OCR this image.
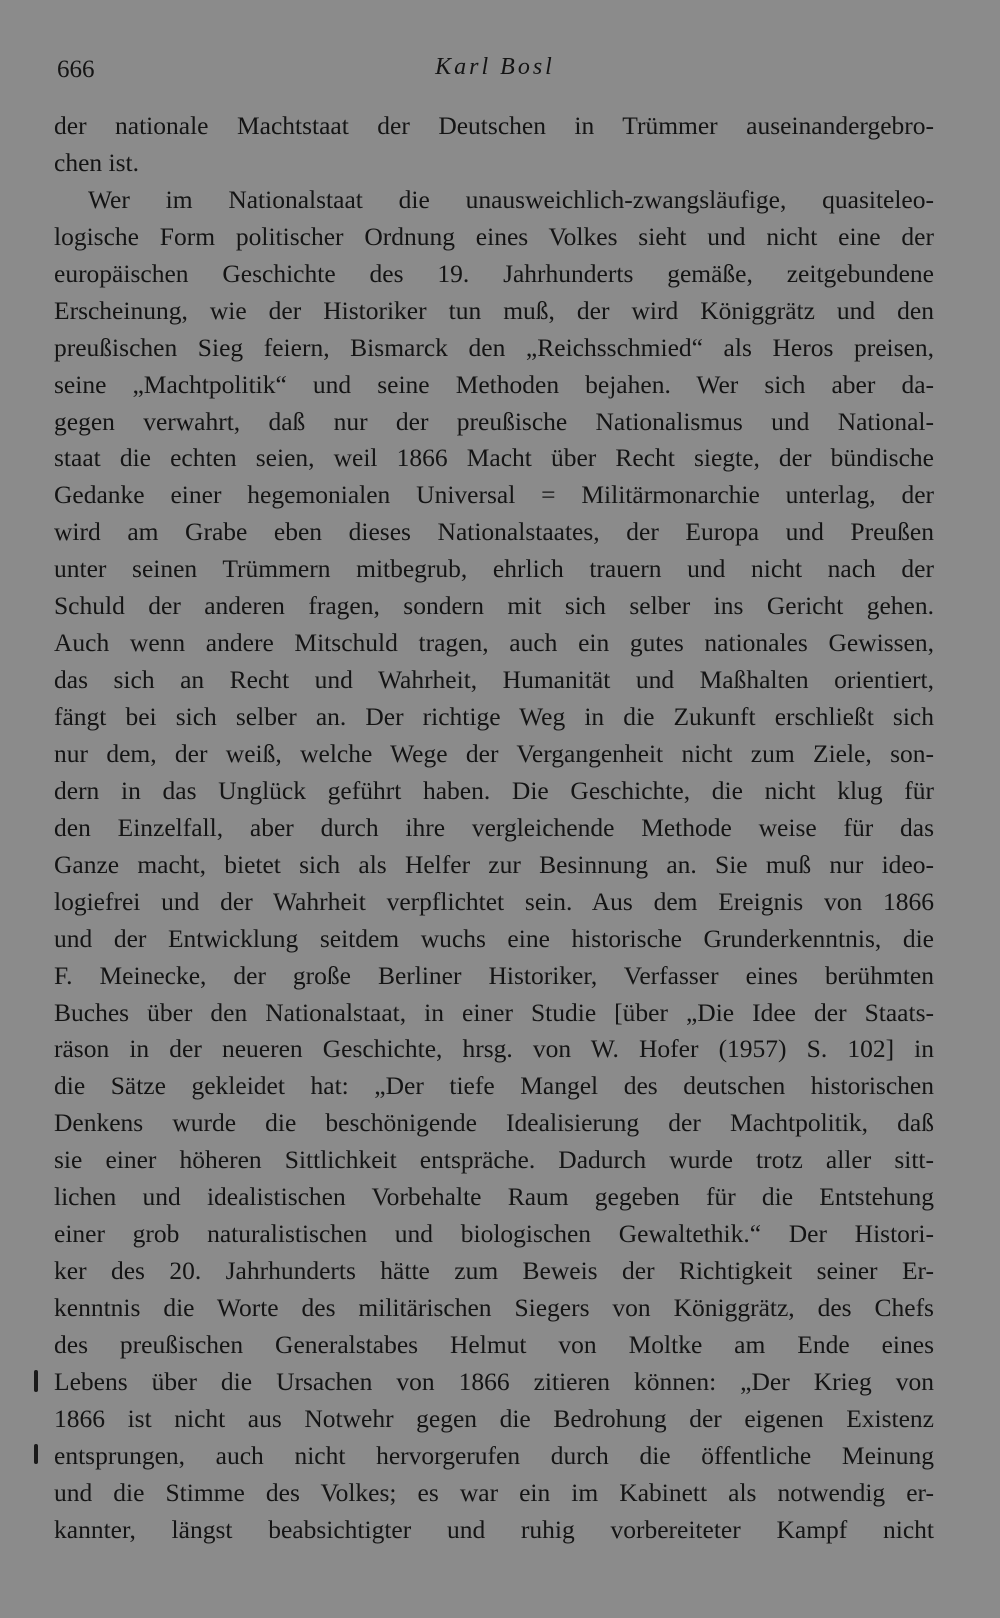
666	Karl Bosl
der nationale Machtstaat der Deutschen in Trümmer auseinandergebro-
chen ist.
Wer im Nationalstaat die unausweichlich-zwangsläufige, quasiteleo-
logische Form politischer Ordnung eines Volkes sieht und nicht eine der
europäischen Geschichte des 19. Jahrhunderts gemäße, zeitgebundene
Erscheinung, wie der Historiker tun muß, der wird Königgrätz und den
preußischen Sieg feiern, Bismarck den „Reichsschmied“ als Heros preisen,
seine „Machtpolitik“ und seine Methoden bejahen. Wer sich aber da-
gegen verwahrt, daß nur der preußische Nationalismus und National-
staat die echten seien, weil 1866 Macht über Recht siegte, der bündische
Gedanke einer hegemonialen Universal = Militärmonarchie unterlag, der
wird am Grabe eben dieses Nationalstaates, der Europa und Preußen
unter seinen Trümmern mitbegrub, ehrlich trauern und nicht nach der
Schuld der anderen fragen, sondern mit sich selber ins Gericht gehen.
Auch wenn andere Mitschuld tragen, auch ein gutes nationales Gewissen,
das sich an Recht und Wahrheit, Humanität und Maßhalten orientiert,
fängt bei sich selber an. Der richtige Weg in die Zukunft erschließt sich
nur dem, der weiß, welche Wege der Vergangenheit nicht zum Ziele, son-
dern in das Unglück geführt haben. Die Geschichte, die nicht klug für
den Einzelfall, aber durch ihre vergleichende Methode weise für das
Ganze macht, bietet sich als Helfer zur Besinnung an. Sie muß nur ideo-
logiefrei und der Wahrheit verpflichtet sein. Aus dem Ereignis von 1866
und der Entwicklung seitdem wuchs eine historische Grunderkenntnis, die
F. Meinecke, der große Berliner Historiker, Verfasser eines berühmten
Buches über den Nationalstaat, in einer Studie [über „Die Idee der Staats-
räson in der neueren Geschichte, hrsg. von W. Hofer (1957) S. 102] in
die Sätze gekleidet hat: „Der tiefe Mangel des deutschen historischen
Denkens wurde die beschönigende Idealisierung der Machtpolitik, daß
sie einer höheren Sittlichkeit entspräche. Dadurch wurde trotz aller sitt-
lichen und idealistischen Vorbehalte Raum gegeben für die Entstehung
einer grob naturalistischen und biologischen Gewaltethik.“ Der Histori-
ker des 20. Jahrhunderts hätte zum Beweis der Richtigkeit seiner Er-
kenntnis die Worte des militärischen Siegers von Königgrätz, des Chefs
des preußischen Generalstabes Helmut von Moltke am Ende eines
Lebens über die Ursachen von 1866 zitieren können: „Der Krieg von
1866 ist nicht aus Notwehr gegen die Bedrohung der eigenen Existenz
entsprungen, auch nicht hervorgerufen durch die öffentliche Meinung
und die Stimme des Volkes; es war ein im Kabinett als notwendig er-
kannter, längst beabsichtigter und ruhig vorbereiteter Kampf nicht
